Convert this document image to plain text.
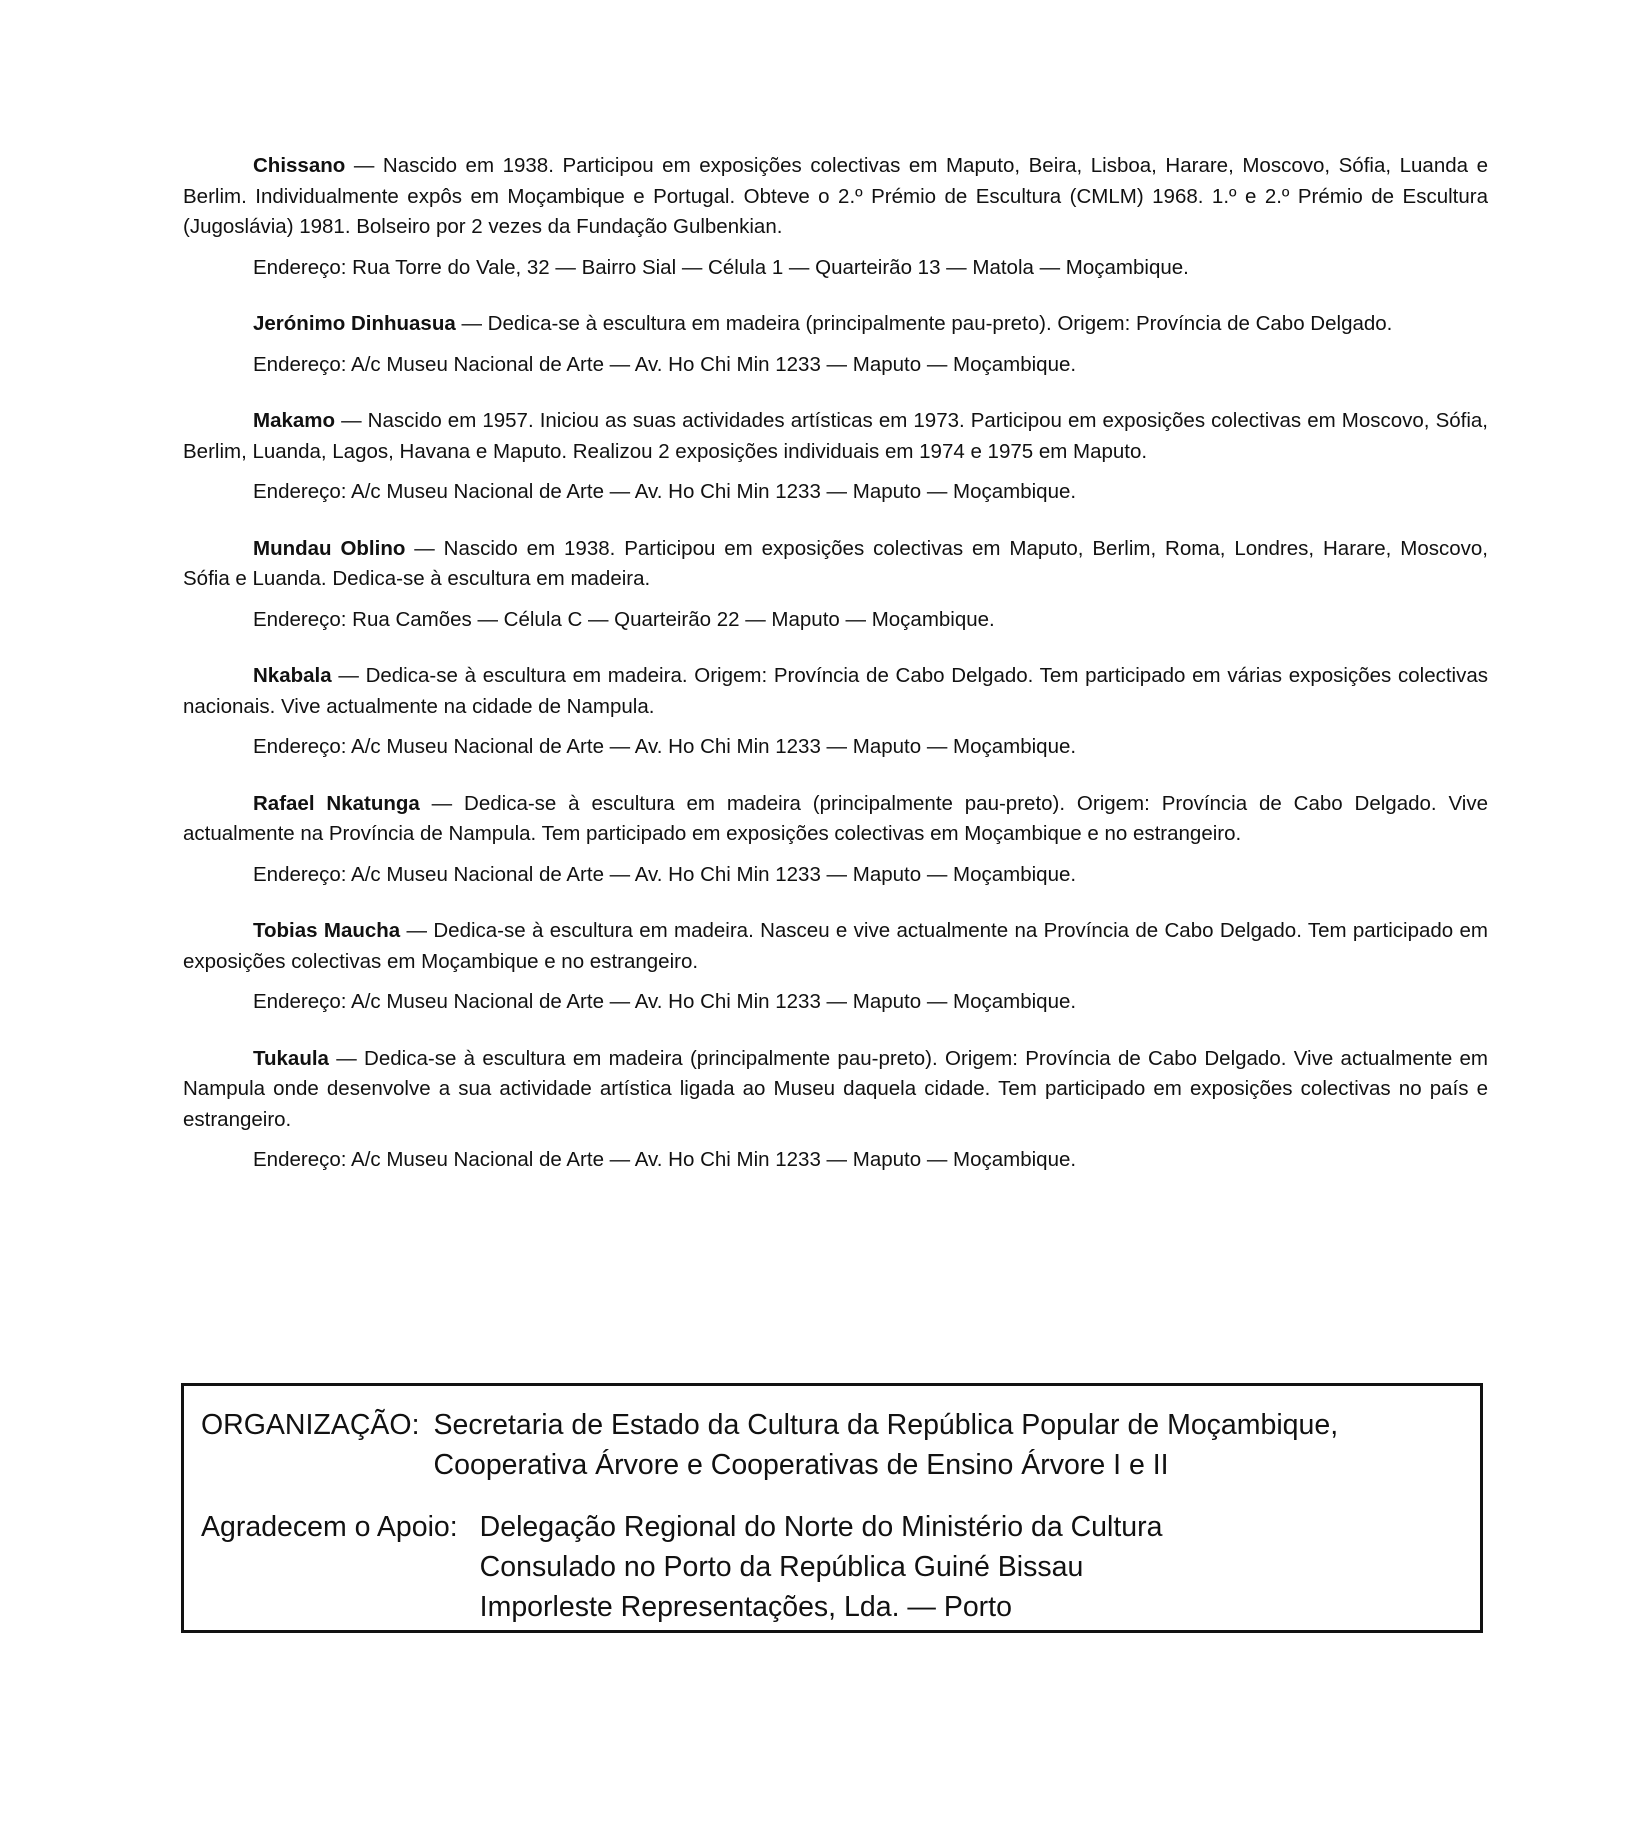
Chissano — Nascido em 1938. Participou em exposições colectivas em Maputo, Beira, Lisboa, Harare, Moscovo, Sófia, Luanda e Berlim. Individualmente expôs em Moçambique e Portugal. Obteve o 2.º Prémio de Escultura (CMLM) 1968. 1.º e 2.º Prémio de Escultura (Jugoslávia) 1981. Bolseiro por 2 vezes da Fundação Gulbenkian.

Endereço: Rua Torre do Vale, 32 — Bairro Sial — Célula 1 — Quarteirão 13 — Matola — Moçambique.

Jerónimo Dinhuasua — Dedica-se à escultura em madeira (principalmente pau-preto). Origem: Província de Cabo Delgado.

Endereço: A/c Museu Nacional de Arte — Av. Ho Chi Min 1233 — Maputo — Moçambique.

Makamo — Nascido em 1957. Iniciou as suas actividades artísticas em 1973. Participou em exposições colectivas em Moscovo, Sófia, Berlim, Luanda, Lagos, Havana e Maputo. Realizou 2 exposições individuais em 1974 e 1975 em Maputo.

Endereço: A/c Museu Nacional de Arte — Av. Ho Chi Min 1233 — Maputo — Moçambique.

Mundau Oblino — Nascido em 1938. Participou em exposições colectivas em Maputo, Berlim, Roma, Londres, Harare, Moscovo, Sófia e Luanda. Dedica-se à escultura em madeira.

Endereço: Rua Camões — Célula C — Quarteirão 22 — Maputo — Moçambique.

Nkabala — Dedica-se à escultura em madeira. Origem: Província de Cabo Delgado. Tem participado em várias exposições colectivas nacionais. Vive actualmente na cidade de Nampula.

Endereço: A/c Museu Nacional de Arte — Av. Ho Chi Min 1233 — Maputo — Moçambique.

Rafael Nkatunga — Dedica-se à escultura em madeira (principalmente pau-preto). Origem: Província de Cabo Delgado. Vive actualmente na Província de Nampula. Tem participado em exposições colectivas em Moçambique e no estrangeiro.

Endereço: A/c Museu Nacional de Arte — Av. Ho Chi Min 1233 — Maputo — Moçambique.

Tobias Maucha — Dedica-se à escultura em madeira. Nasceu e vive actualmente na Província de Cabo Delgado. Tem participado em exposições colectivas em Moçambique e no estrangeiro.

Endereço: A/c Museu Nacional de Arte — Av. Ho Chi Min 1233 — Maputo — Moçambique.

Tukaula — Dedica-se à escultura em madeira (principalmente pau-preto). Origem: Província de Cabo Delgado. Vive actualmente em Nampula onde desenvolve a sua actividade artística ligada ao Museu daquela cidade. Tem participado em exposições colectivas no país e estrangeiro.

Endereço: A/c Museu Nacional de Arte — Av. Ho Chi Min 1233 — Maputo — Moçambique.
ORGANIZAÇÃO: Secretaria de Estado da Cultura da República Popular de Moçambique,
Cooperativa Árvore e Cooperativas de Ensino Árvore I e II
Agradecem o Apoio: Delegação Regional do Norte do Ministério da Cultura
Consulado no Porto da República Guiné Bissau
Imporleste Representações, Lda. — Porto
